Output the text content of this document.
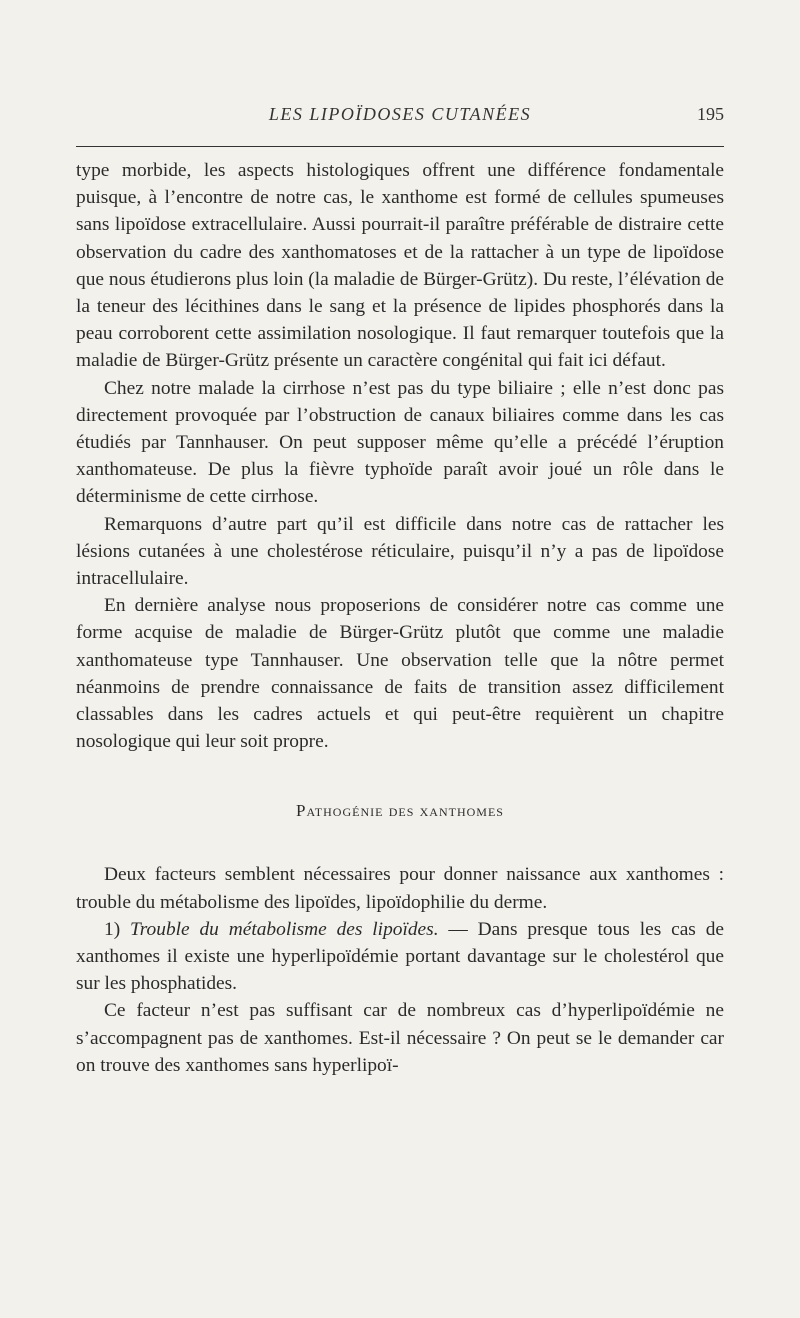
LES LIPOÏDOSES CUTANÉES	195

type morbide, les aspects histologiques offrent une différence fondamentale puisque, à l’encontre de notre cas, le xanthome est formé de cellules spumeuses sans lipoïdose extracellulaire. Aussi pourrait-il paraître préférable de distraire cette observation du cadre des xanthomatoses et de la rattacher à un type de lipoïdose que nous étudierons plus loin (la maladie de Bürger-Grütz). Du reste, l’élévation de la teneur des lécithines dans le sang et la présence de lipides phosphorés dans la peau corroborent cette assimilation nosologique. Il faut remarquer toutefois que la maladie de Bürger-Grütz présente un caractère congénital qui fait ici défaut.

Chez notre malade la cirrhose n’est pas du type biliaire ; elle n’est donc pas directement provoquée par l’obstruction de canaux biliaires comme dans les cas étudiés par Tannhauser. On peut supposer même qu’elle a précédé l’éruption xanthomateuse. De plus la fièvre typhoïde paraît avoir joué un rôle dans le déterminisme de cette cirrhose.

Remarquons d’autre part qu’il est difficile dans notre cas de rattacher les lésions cutanées à une cholestérose réticulaire, puisqu’il n’y a pas de lipoïdose intracellulaire.

En dernière analyse nous proposerions de considérer notre cas comme une forme acquise de maladie de Bürger-Grütz plutôt que comme une maladie xanthomateuse type Tannhauser. Une observation telle que la nôtre permet néanmoins de prendre connaissance de faits de transition assez difficilement classables dans les cadres actuels et qui peut-être requièrent un chapitre nosologique qui leur soit propre.

Pathogénie des xanthomes

Deux facteurs semblent nécessaires pour donner naissance aux xanthomes : trouble du métabolisme des lipoïdes, lipoïdophilie du derme.

1) Trouble du métabolisme des lipoïdes. — Dans presque tous les cas de xanthomes il existe une hyperlipoïdémie portant davantage sur le cholestérol que sur les phosphatides.

Ce facteur n’est pas suffisant car de nombreux cas d’hyperlipoïdémie ne s’accompagnent pas de xanthomes. Est-il nécessaire ? On peut se le demander car on trouve des xanthomes sans hyperlipoï-
